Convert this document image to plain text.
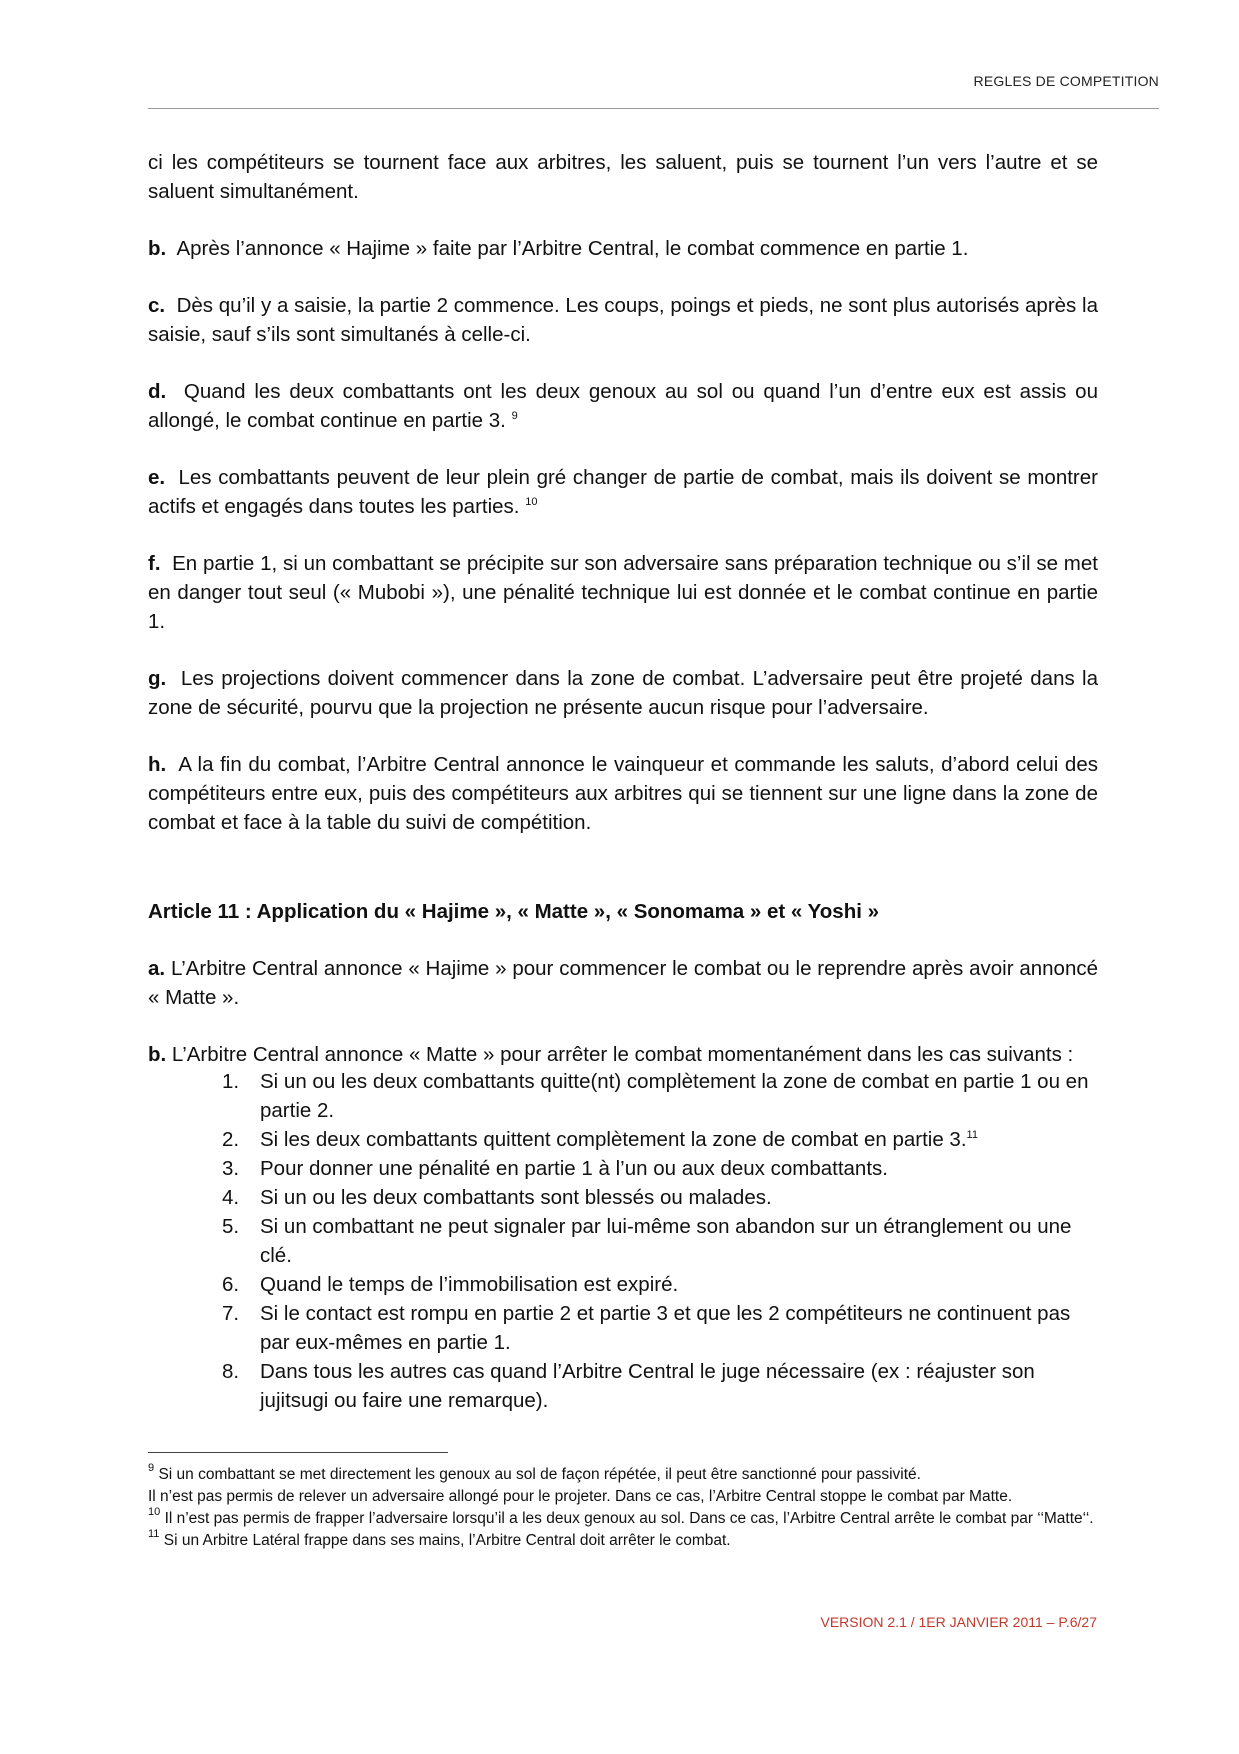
REGLES DE COMPETITION

ci les compétiteurs se tournent face aux arbitres, les saluent, puis se tournent l’un vers l’autre et se saluent simultanément.

b. Après l’annonce « Hajime » faite par l’Arbitre Central, le combat commence en partie 1.

c. Dès qu’il y a saisie, la partie 2 commence. Les coups, poings et pieds, ne sont plus autorisés après la saisie, sauf s’ils sont simultanés à celle-ci.

d. Quand les deux combattants ont les deux genoux au sol ou quand l’un d’entre eux est assis ou allongé, le combat continue en partie 3. $^9$

e. Les combattants peuvent de leur plein gré changer de partie de combat, mais ils doivent se montrer actifs et engagés dans toutes les parties. $^{10}$

f. En partie 1, si un combattant se précipite sur son adversaire sans préparation technique ou s’il se met en danger tout seul (« Mubobi »), une pénalité technique lui est donnée et le combat continue en partie 1.

g. Les projections doivent commencer dans la zone de combat. L’adversaire peut être projeté dans la zone de sécurité, pourvu que la projection ne présente aucun risque pour l’adversaire.

h. A la fin du combat, l’Arbitre Central annonce le vainqueur et commande les saluts, d’abord celui des compétiteurs entre eux, puis des compétiteurs aux arbitres qui se tiennent sur une ligne dans la zone de combat et face à la table du suivi de compétition.

Article 11 : Application du « Hajime », « Matte », « Sonomama » et « Yoshi »

a. L’Arbitre Central annonce « Hajime » pour commencer le combat ou le reprendre après avoir annoncé « Matte ».

b. L’Arbitre Central annonce « Matte » pour arrêter le combat momentanément dans les cas suivants :

1.	Si un ou les deux combattants quitte(nt) complètement la zone de combat en partie 1 ou en partie 2.
2.	Si les deux combattants quittent complètement la zone de combat en partie 3.11
3.	Pour donner une pénalité en partie 1 à l’un ou aux deux combattants.
4.	Si un ou les deux combattants sont blessés ou malades.
5.	Si un combattant ne peut signaler par lui-même son abandon sur un étranglement ou une clé.
6.	Quand le temps de l’immobilisation est expiré.
7.	Si le contact est rompu en partie 2 et partie 3 et que les 2 compétiteurs ne continuent pas par eux-mêmes en partie 1.
8.	Dans tous les autres cas quand l’Arbitre Central le juge nécessaire (ex : réajuster son jujitsugi ou faire une remarque).

$^9$ Si un combattant se met directement les genoux au sol de façon répétée, il peut être sanctionné pour passivité.

Il n’est pas permis de relever un adversaire allongé pour le projeter. Dans ce cas, l’Arbitre Central stoppe le combat par Matte.

$^{10}$ Il n’est pas permis de frapper l’adversaire lorsqu’il a les deux genoux au sol. Dans ce cas, l’Arbitre Central arrête le combat par ‘‘Matte‘‘.

$^{11}$ Si un Arbitre Latéral frappe dans ses mains, l’Arbitre Central doit arrêter le combat.

VERSION 2.1 / 1ER JANVIER 2011 – P.6/27
